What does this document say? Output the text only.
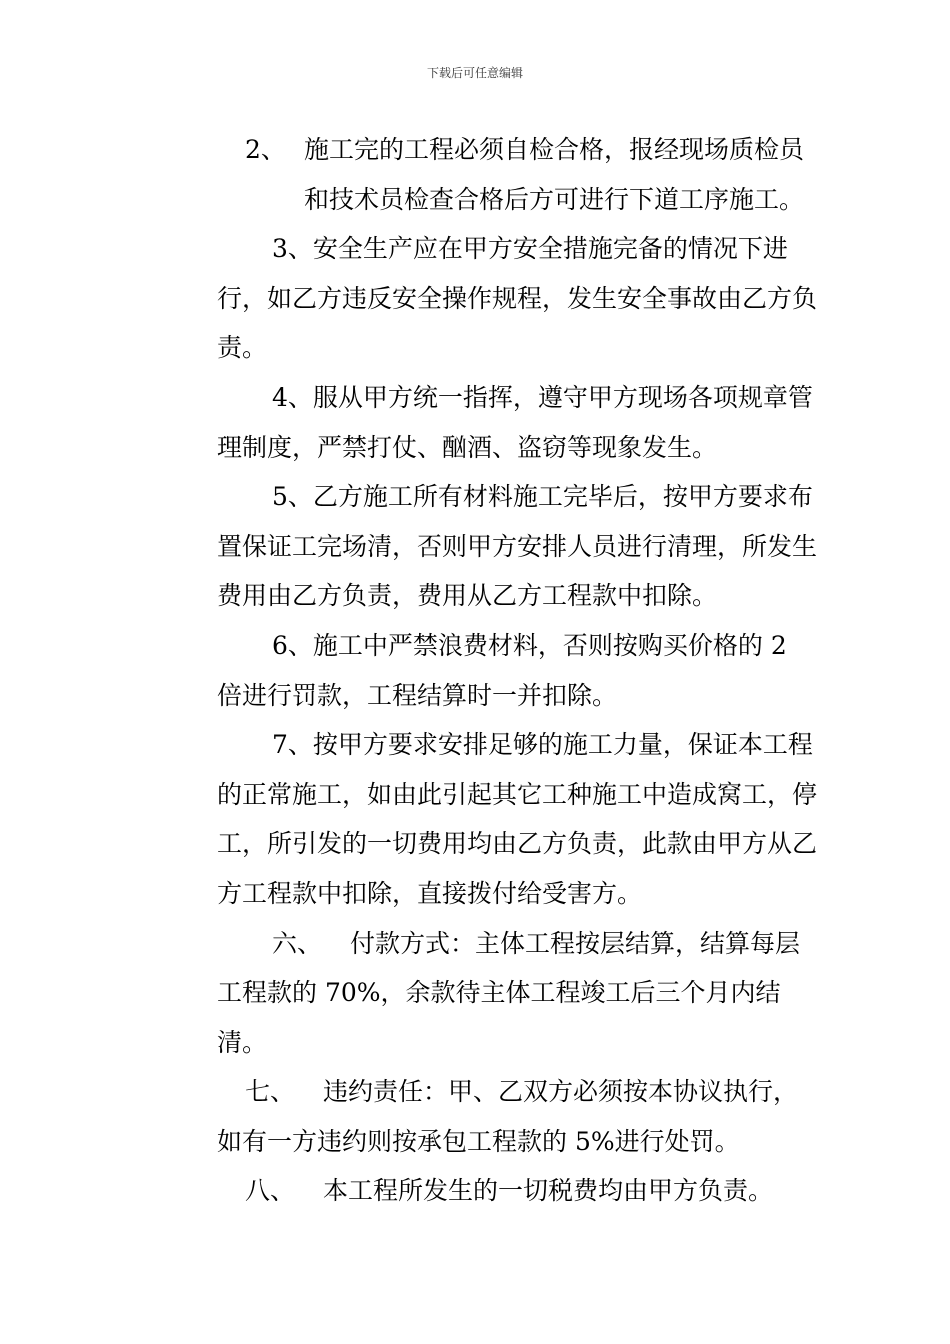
下载后可任意编辑

2、 施工完的工程必须自检合格，报经现场质检员和技术员检查合格后方可进行下道工序施工。

3、安全生产应在甲方安全措施完备的情况下进行，如乙方违反安全操作规程，发生安全事故由乙方负责。

4、服从甲方统一指挥，遵守甲方现场各项规章管理制度，严禁打仗、酗酒、盗窃等现象发生。

5、乙方施工所有材料施工完毕后，按甲方要求布置保证工完场清，否则甲方安排人员进行清理，所发生费用由乙方负责，费用从乙方工程款中扣除。

6、施工中严禁浪费材料，否则按购买价格的 2 倍进行罚款，工程结算时一并扣除。

7、按甲方要求安排足够的施工力量，保证本工程的正常施工，如由此引起其它工种施工中造成窝工，停工，所引发的一切费用均由乙方负责，此款由甲方从乙方工程款中扣除，直接拨付给受害方。

六、 付款方式：主体工程按层结算，结算每层工程款的 70%，余款待主体工程竣工后三个月内结清。

七、 违约责任：甲、乙双方必须按本协议执行，如有一方违约则按承包工程款的 5%进行处罚。

八、 本工程所发生的一切税费均由甲方负责。
